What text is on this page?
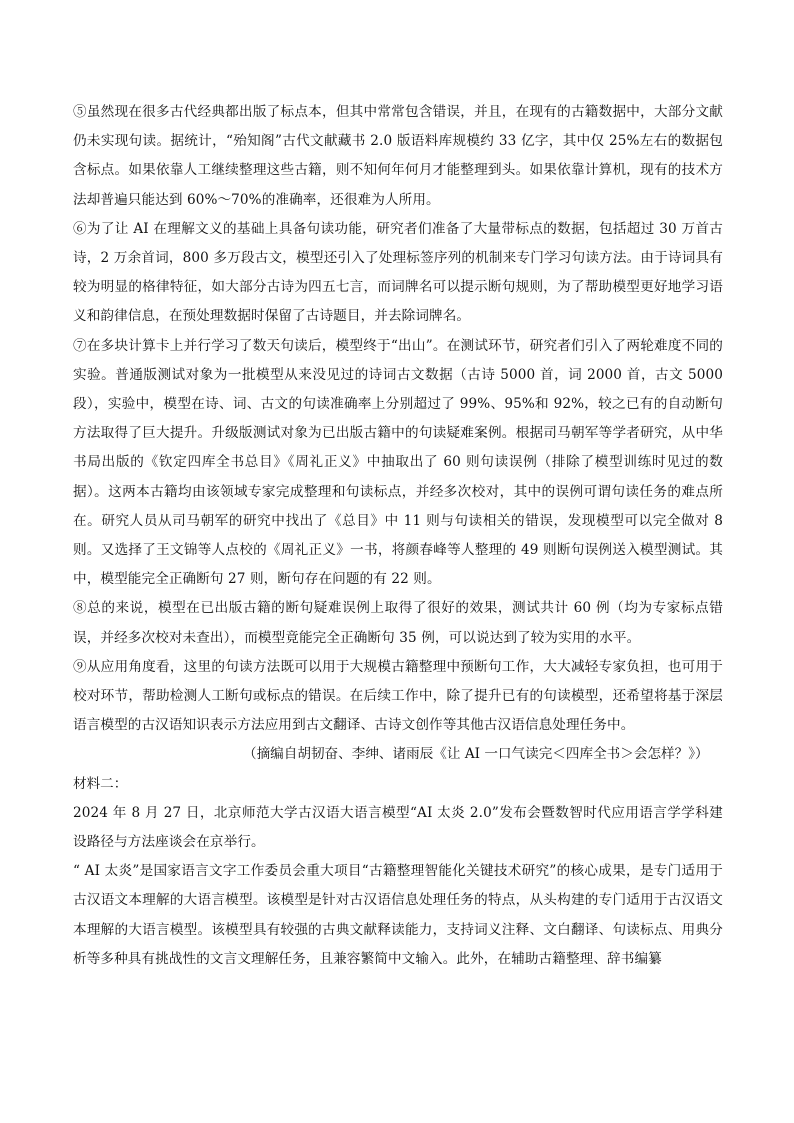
⑤虽然现在很多古代经典都出版了标点本，但其中常常包含错误，并且，在现有的古籍数据中，大部分文献仍未实现句读。据统计，“殆知阁”古代文献藏书 2.0 版语料库规模约 33 亿字，其中仅 25%左右的数据包含标点。如果依靠人工继续整理这些古籍，则不知何年何月才能整理到头。如果依靠计算机，现有的技术方法却普遍只能达到 60%～70%的准确率，还很难为人所用。

⑥为了让 AI 在理解文义的基础上具备句读功能，研究者们准备了大量带标点的数据，包括超过 30 万首古诗，2 万余首词，800 多万段古文，模型还引入了处理标签序列的机制来专门学习句读方法。由于诗词具有较为明显的格律特征，如大部分古诗为四五七言，而词牌名可以提示断句规则，为了帮助模型更好地学习语义和韵律信息，在预处理数据时保留了古诗题目，并去除词牌名。

⑦在多块计算卡上并行学习了数天句读后，模型终于“出山”。在测试环节，研究者们引入了两轮难度不同的实验。普通版测试对象为一批模型从来没见过的诗词古文数据（古诗 5000 首，词 2000 首，古文 5000 段），实验中，模型在诗、词、古文的句读准确率上分别超过了 99%、95%和 92%，较之已有的自动断句方法取得了巨大提升。升级版测试对象为已出版古籍中的句读疑难案例。根据司马朝军等学者研究，从中华书局出版的《钦定四库全书总目》《周礼正义》中抽取出了 60 则句读误例（排除了模型训练时见过的数据）。这两本古籍均由该领域专家完成整理和句读标点，并经多次校对，其中的误例可谓句读任务的难点所在。研究人员从司马朝军的研究中找出了《总目》中 11 则与句读相关的错误，发现模型可以完全做对 8 则。又选择了王文锦等人点校的《周礼正义》一书，将颜春峰等人整理的 49 则断句误例送入模型测试。其中，模型能完全正确断句 27 则，断句存在问题的有 22 则。

⑧总的来说，模型在已出版古籍的断句疑难误例上取得了很好的效果，测试共计 60 例（均为专家标点错误，并经多次校对未查出），而模型竟能完全正确断句 35 例，可以说达到了较为实用的水平。

⑨从应用角度看，这里的句读方法既可以用于大规模古籍整理中预断句工作，大大减轻专家负担，也可用于校对环节，帮助检测人工断句或标点的错误。在后续工作中，除了提升已有的句读模型，还希望将基于深层语言模型的古汉语知识表示方法应用到古文翻译、古诗文创作等其他古汉语信息处理任务中。

（摘编自胡韧奋、李绅、诸雨辰《让 AI 一口气读完＜四库全书＞会怎样？》）

材料二：

2024 年 8 月 27 日，北京师范大学古汉语大语言模型“AI 太炎 2.0”发布会暨数智时代应用语言学学科建设路径与方法座谈会在京举行。

“ AI 太炎”是国家语言文字工作委员会重大项目“古籍整理智能化关键技术研究”的核心成果，是专门适用于古汉语文本理解的大语言模型。该模型是针对古汉语信息处理任务的特点，从头构建的专门适用于古汉语文本理解的大语言模型。该模型具有较强的古典文献释读能力，支持词义注释、文白翻译、句读标点、用典分析等多种具有挑战性的文言文理解任务，且兼容繁简中文输入。此外，在辅助古籍整理、辞书编纂
